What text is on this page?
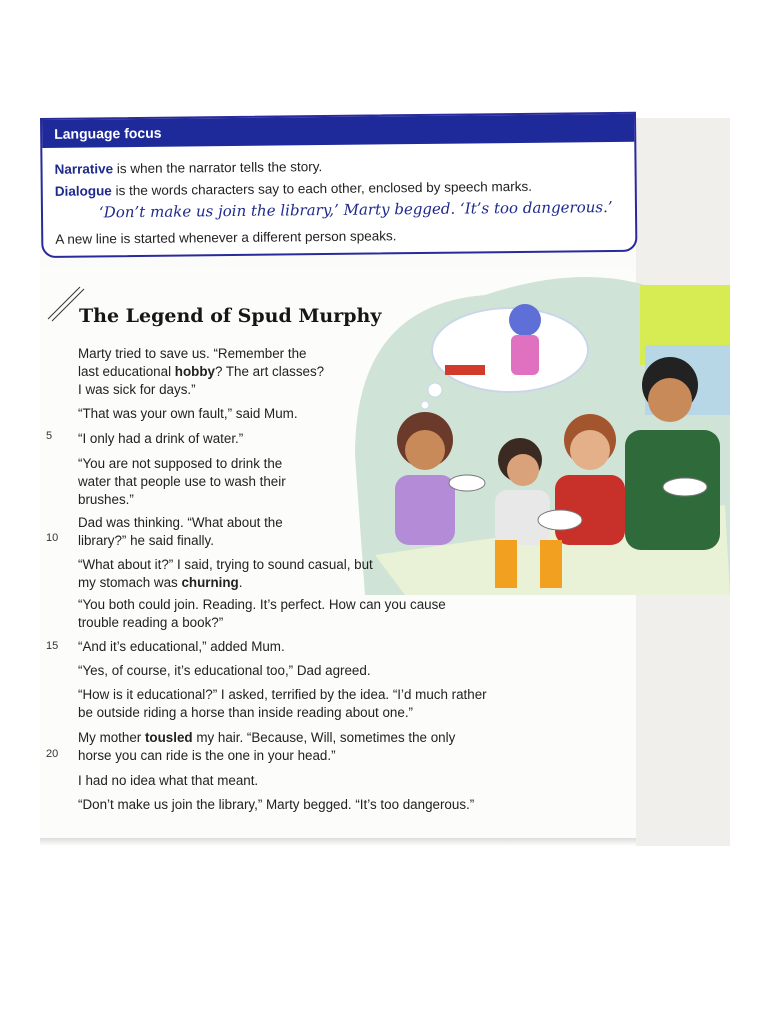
Language focus
Narrative is when the narrator tells the story.
Dialogue is the words characters say to each other, enclosed by speech marks.
‘Don’t make us join the library,’ Marty begged. ‘It’s too dangerous.’
A new line is started whenever a different person speaks.
The Legend of Spud Murphy
5
10
15
20
Marty tried to save us. “Remember the last educational hobby? The art classes? I was sick for days.”
“That was your own fault,” said Mum.
“I only had a drink of water.”
“You are not supposed to drink the water that people use to wash their brushes.”
Dad was thinking. “What about the library?” he said finally.
“What about it?” I said, trying to sound casual, but my stomach was churning.
“You both could join. Reading. It’s perfect. How can you cause trouble reading a book?”
“And it’s educational,” added Mum.
“Yes, of course, it’s educational too,” Dad agreed.
“How is it educational?” I asked, terrified by the idea. “I’d much rather be outside riding a horse than inside reading about one.”
My mother tousled my hair. “Because, Will, sometimes the only horse you can ride is the one in your head.”
I had no idea what that meant.
“Don’t make us join the library,” Marty begged. “It’s too dangerous.”
